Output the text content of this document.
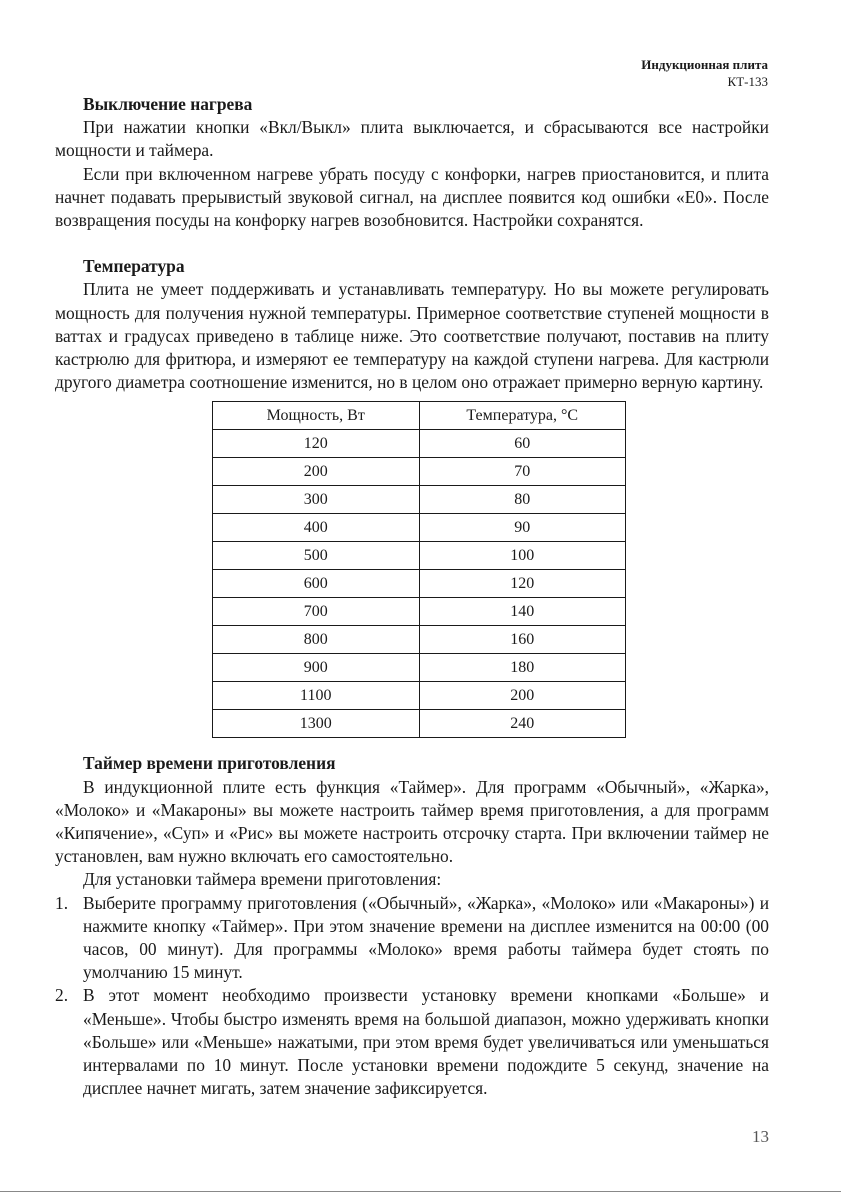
Индукционная плита
КТ-133
Выключение нагрева

При нажатии кнопки «Вкл/Выкл» плита выключается, и сбрасываются все настройки мощности и таймера.

Если при включенном нагреве убрать посуду с конфорки, нагрев приостановится, и плита начнет подавать прерывистый звуковой сигнал, на дисплее появится код ошибки «E0». После возвращения посуды на конфорку нагрев возобновится. Настройки сохранятся.

Температура

Плита не умеет поддерживать и устанавливать температуру. Но вы можете регулировать мощность для получения нужной температуры. Примерное соответствие ступеней мощности в ваттах и градусах приведено в таблице ниже. Это соответствие получают, поставив на плиту кастрюлю для фритюра, и измеряют ее температуру на каждой ступени нагрева. Для кастрюли другого диаметра соотношение изменится, но в целом оно отражает примерно верную картину.

Мощность, Вт	Температура, °C
120	60
200	70
300	80
400	90
500	100
600	120
700	140
800	160
900	180
1100	200
1300	240
Таймер времени приготовления

В индукционной плите есть функция «Таймер». Для программ «Обычный», «Жарка», «Молоко» и «Макароны» вы можете настроить таймер время приготовления, а для программ «Кипячение», «Суп» и «Рис» вы можете настроить отсрочку старта. При включении таймер не установлен, вам нужно включать его самостоятельно.

Для установки таймера времени приготовления:

1. Выберите программу приготовления («Обычный», «Жарка», «Молоко» или «Макароны») и нажмите кнопку «Таймер». При этом значение времени на дисплее изменится на 00:00 (00 часов, 00 минут). Для программы «Молоко» время работы таймера будет стоять по умолчанию 15 минут.
2. В этот момент необходимо произвести установку времени кнопками «Больше» и «Меньше». Чтобы быстро изменять время на большой диапазон, можно удерживать кнопки «Больше» или «Меньше» нажатыми, при этом время будет увеличиваться или уменьшаться интервалами по 10 минут. После установки времени подождите 5 секунд, значение на дисплее начнет мигать, затем значение зафиксируется.
13
